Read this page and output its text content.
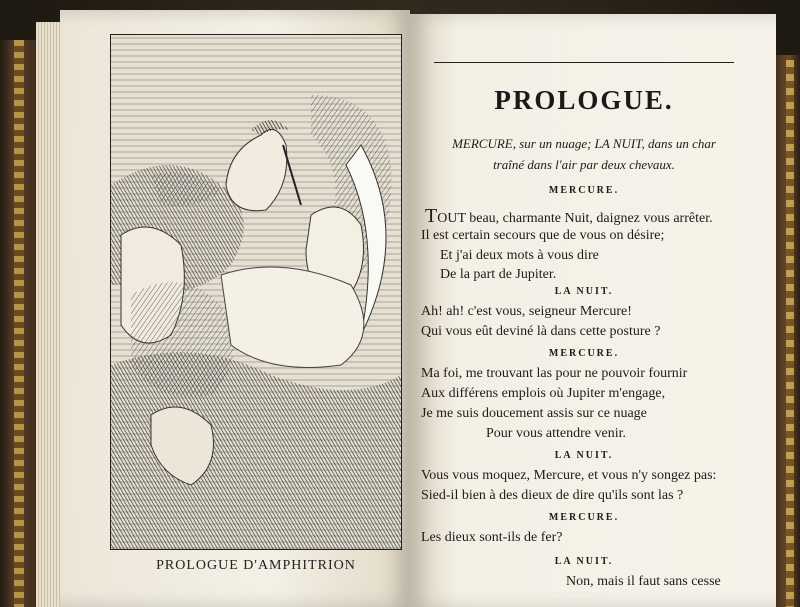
PROLOGUE D'AMPHITRION
PROLOGUE.
MERCURE, sur un nuage; LA NUIT, dans un char
traîné dans l'air par deux chevaux.
MERCURE.
TOUT beau, charmante Nuit, daignez vous arrêter.
Il est certain secours que de vous on désire;
Et j'ai deux mots à vous dire
De la part de Jupiter.
LA NUIT.
Ah! ah! c'est vous, seigneur Mercure!
Qui vous eût deviné là dans cette posture ?
MERCURE.
Ma foi, me trouvant las pour ne pouvoir fournir
Aux différens emplois où Jupiter m'engage,
Je me suis doucement assis sur ce nuage
Pour vous attendre venir.
LA NUIT.
Vous vous moquez, Mercure, et vous n'y songez pas:
Sied-il bien à des dieux de dire qu'ils sont las ?
MERCURE.
Les dieux sont-ils de fer?
LA NUIT.
Non, mais il faut sans cesse
